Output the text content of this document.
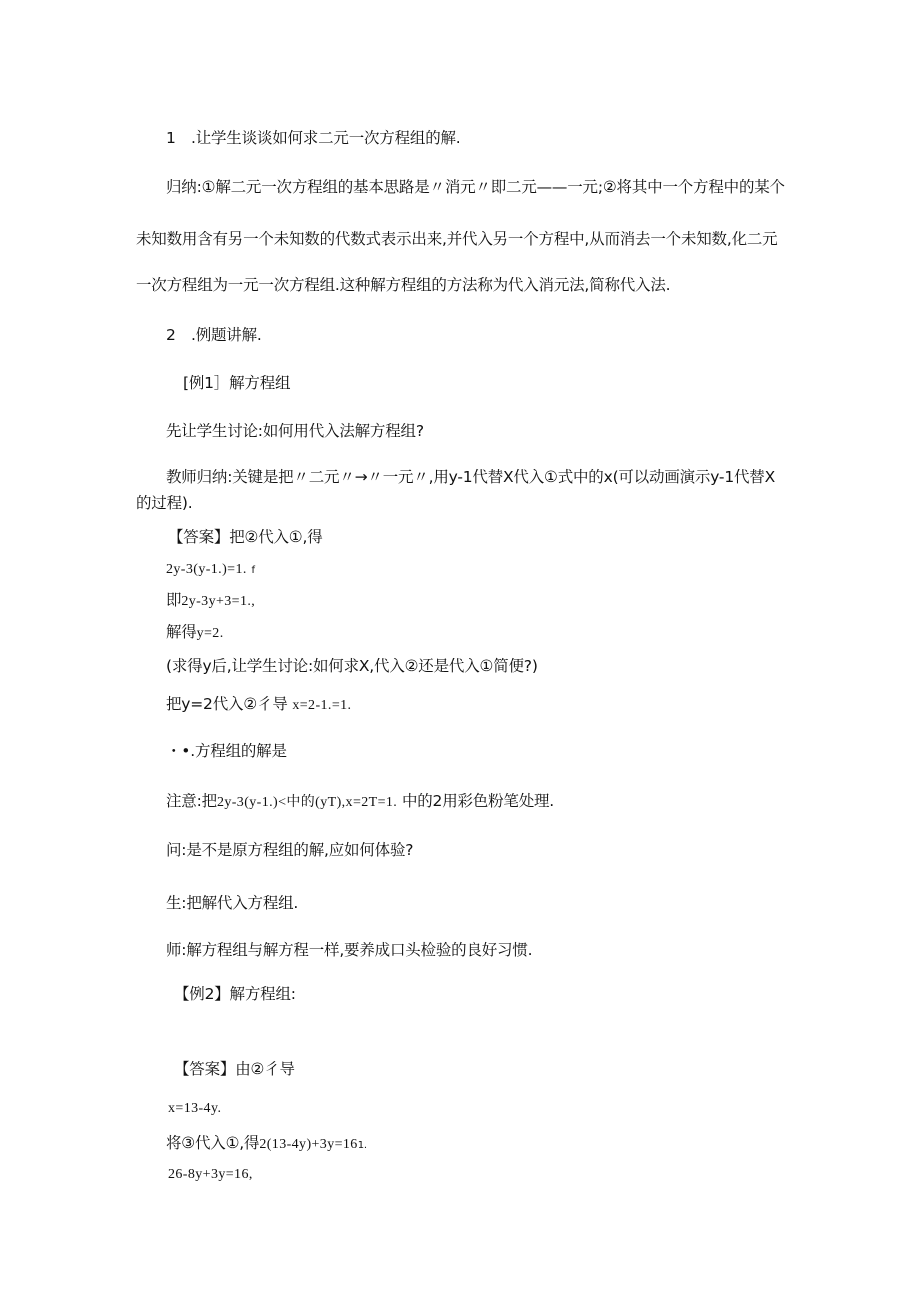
1　.让学生谈谈如何求二元一次方程组的解.
归纳:①解二元一次方程组的基本思路是〃消元〃即二元——一元;②将其中一个方程中的某个
未知数用含有另一个未知数的代数式表示出来,并代入另一个方程中,从而消去一个未知数,化二元
一次方程组为一元一次方程组.这种解方程组的方法称为代入消元法,简称代入法.
2　.例题讲解.
[例1］解方程组
先让学生讨论:如何用代入法解方程组?
教师归纳:关键是把〃二元〃→〃一元〃,用y-1代替X代入①式中的x(可以动画演示y-1代替X
的过程).
【答案】把②代入①,得
2y-3(y-1.)=1. f
即2y-3y+3=1.,
解得y=2.
(求得y后,让学生讨论:如何求X,代入②还是代入①简便?)
把y=2代入②彳导 x=2-1.=1.
・•.方程组的解是
注意:把2y-3(y-1.)<中的(yT),x=2T=1. 中的2用彩色粉笔处理.
问:是不是原方程组的解,应如何体验?
生:把解代入方程组.
师:解方程组与解方程一样,要养成口头检验的良好习惯.
【例2】解方程组:
【答案】由②彳导
x=13-4y.
将③代入①,得2(13-4y)+3y=161.
26-8y+3y=16,
